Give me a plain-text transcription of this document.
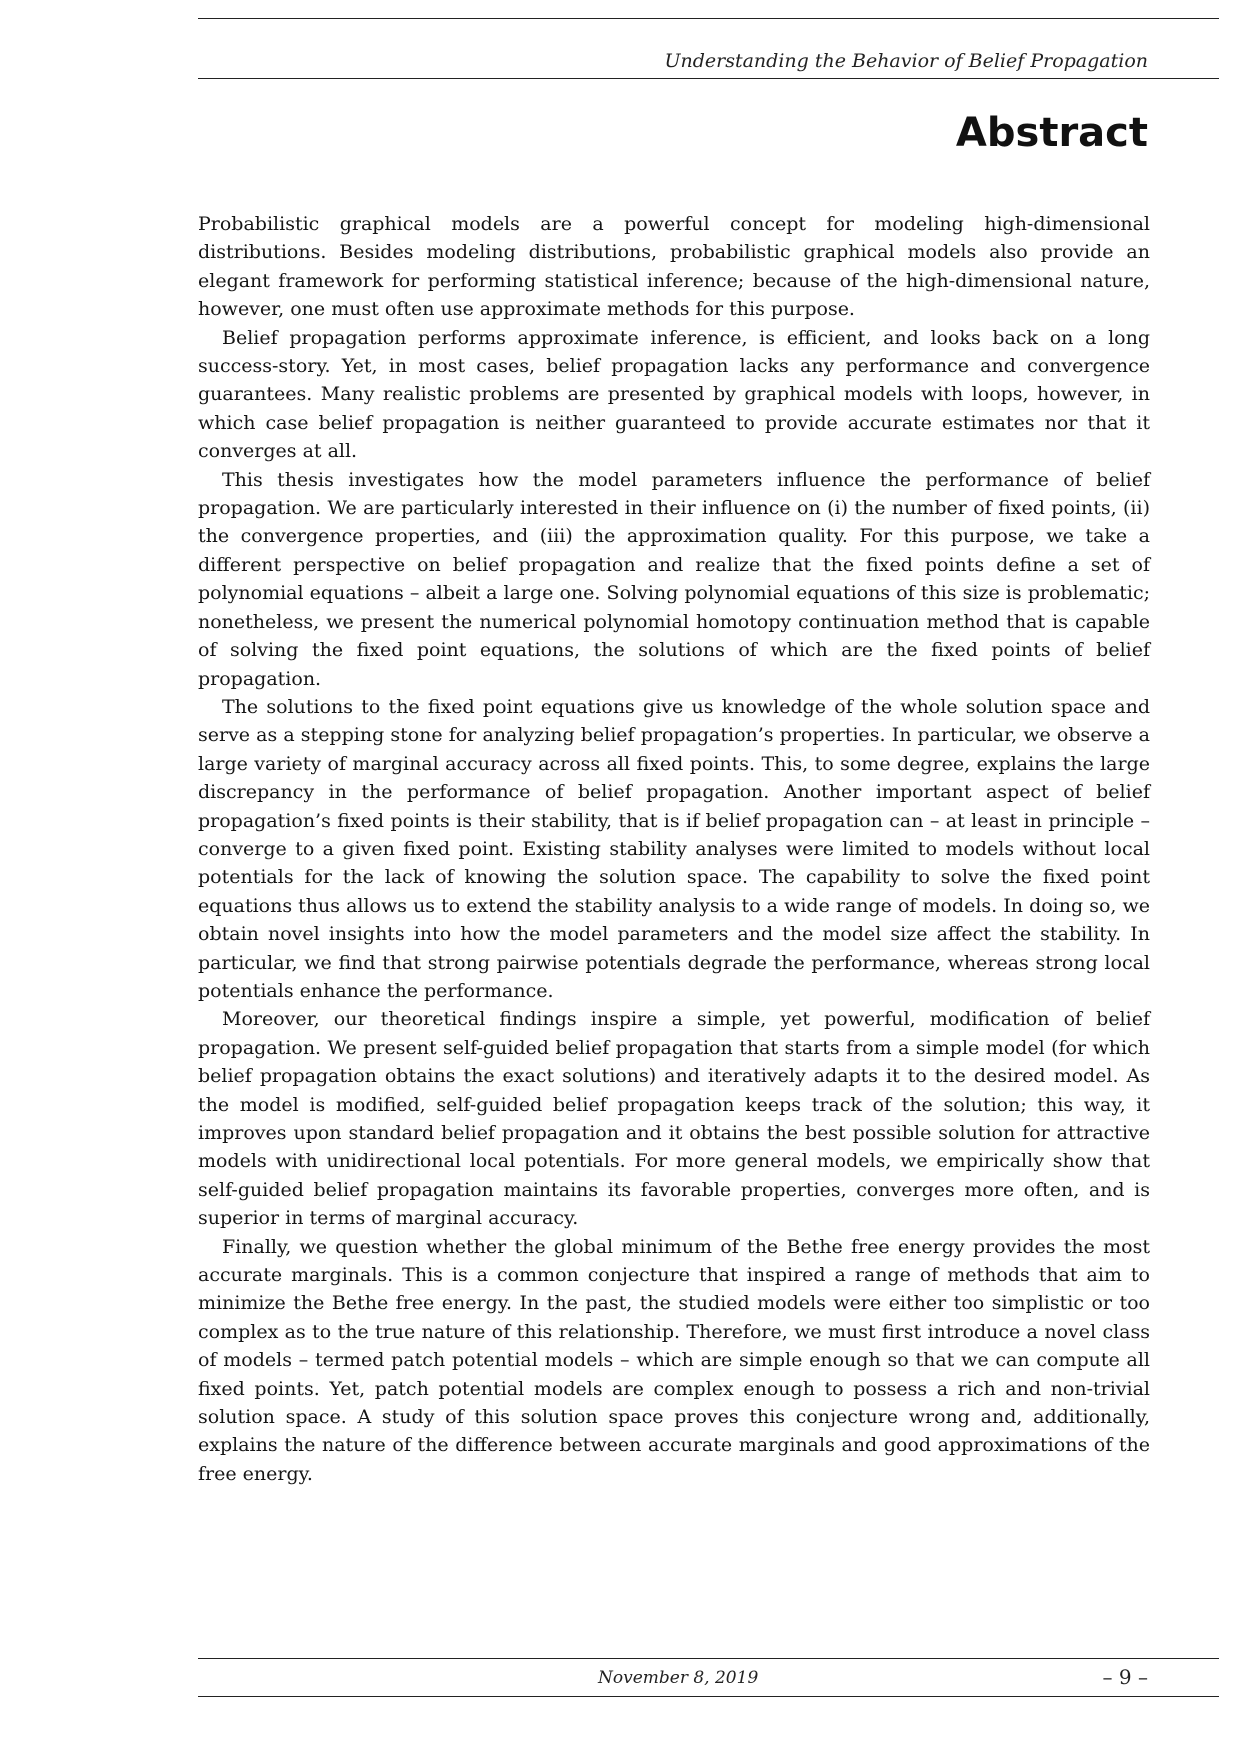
Understanding the Behavior of Belief Propagation
Abstract

Probabilistic graphical models are a powerful concept for modeling high-dimensional distributions. Besides modeling distributions, probabilistic graphical models also provide an elegant framework for performing statistical inference; because of the high-dimensional nature, however, one must often use approximate methods for this purpose.

Belief propagation performs approximate inference, is efficient, and looks back on a long success-story. Yet, in most cases, belief propagation lacks any performance and convergence guarantees. Many realistic problems are presented by graphical models with loops, however, in which case belief propagation is neither guaranteed to provide accurate estimates nor that it converges at all.

This thesis investigates how the model parameters influence the performance of belief propagation. We are particularly interested in their influence on (i) the number of fixed points, (ii) the convergence properties, and (iii) the approximation quality. For this purpose, we take a different perspective on belief propagation and realize that the fixed points define a set of polynomial equations – albeit a large one. Solving polynomial equations of this size is problematic; nonetheless, we present the numerical polynomial homotopy continuation method that is capable of solving the fixed point equations, the solutions of which are the fixed points of belief propagation.

The solutions to the fixed point equations give us knowledge of the whole solution space and serve as a stepping stone for analyzing belief propagation’s properties. In particular, we observe a large variety of marginal accuracy across all fixed points. This, to some degree, explains the large discrepancy in the performance of belief propagation. Another important aspect of belief propagation’s fixed points is their stability, that is if belief propagation can – at least in principle – converge to a given fixed point. Existing stability analyses were limited to models without local potentials for the lack of knowing the solution space. The capability to solve the fixed point equations thus allows us to extend the stability analysis to a wide range of models. In doing so, we obtain novel insights into how the model parameters and the model size affect the stability. In particular, we find that strong pairwise potentials degrade the performance, whereas strong local potentials enhance the performance.

Moreover, our theoretical findings inspire a simple, yet powerful, modification of belief propagation. We present self-guided belief propagation that starts from a simple model (for which belief propagation obtains the exact solutions) and iteratively adapts it to the desired model. As the model is modified, self-guided belief propagation keeps track of the solution; this way, it improves upon standard belief propagation and it obtains the best possible solution for attractive models with unidirectional local potentials. For more general models, we empirically show that self-guided belief propagation maintains its favorable properties, converges more often, and is superior in terms of marginal accuracy.

Finally, we question whether the global minimum of the Bethe free energy provides the most accurate marginals. This is a common conjecture that inspired a range of methods that aim to minimize the Bethe free energy. In the past, the studied models were either too simplistic or too complex as to the true nature of this relationship. Therefore, we must first introduce a novel class of models – termed patch potential models – which are simple enough so that we can compute all fixed points. Yet, patch potential models are complex enough to possess a rich and non-trivial solution space. A study of this solution space proves this conjecture wrong and, additionally, explains the nature of the difference between accurate marginals and good approximations of the free energy.

November 8, 2019	– 9 –
